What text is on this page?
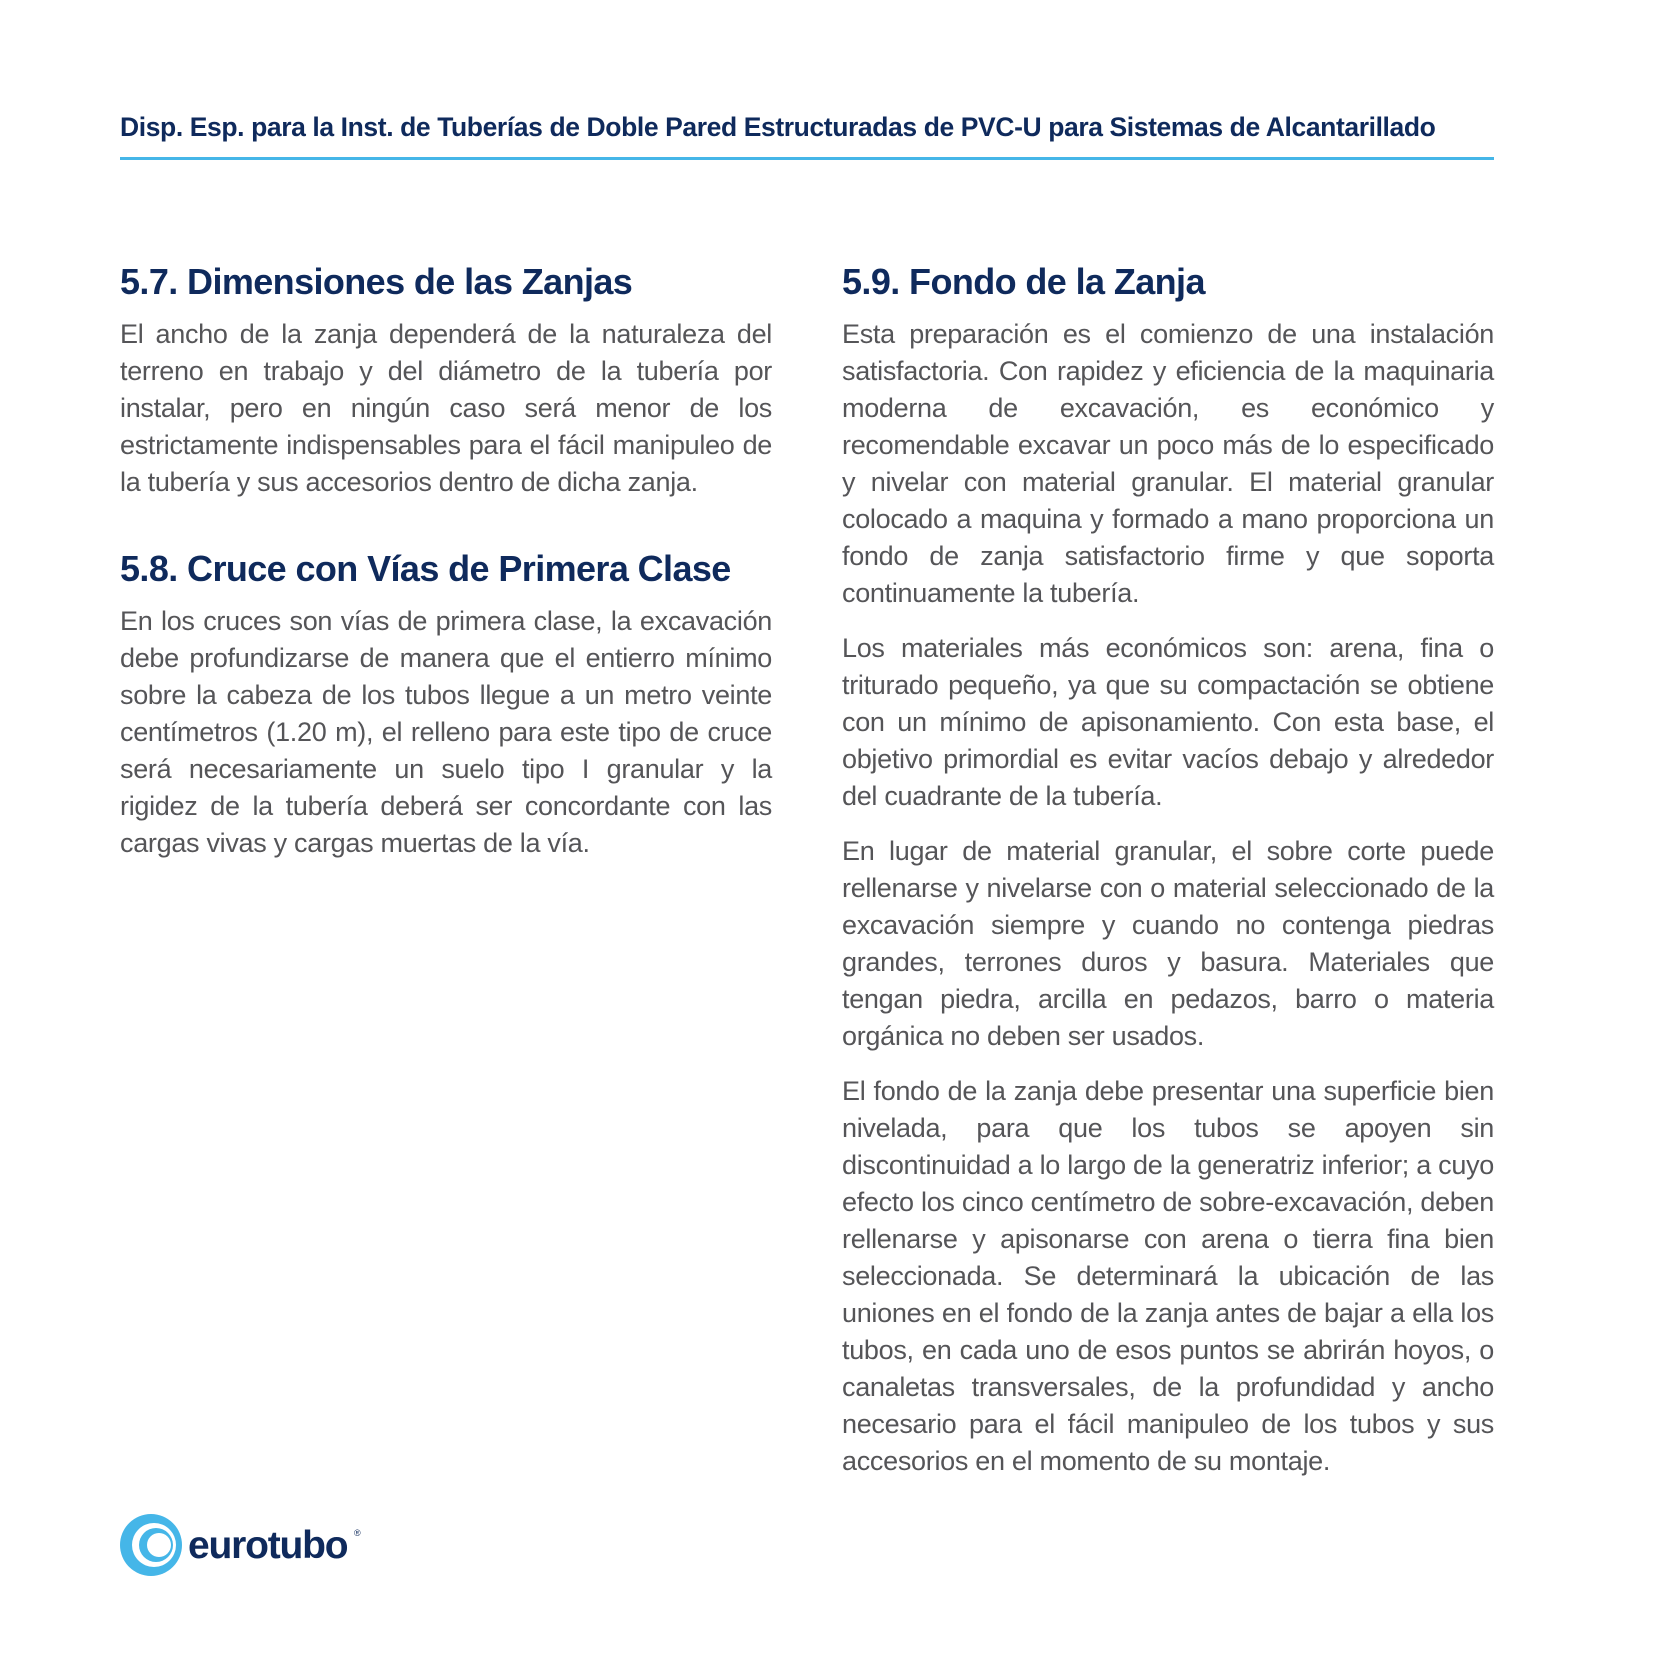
Disp. Esp. para la Inst. de Tuberías de Doble Pared Estructuradas de PVC-U para Sistemas de Alcantarillado
5.7. Dimensiones de las Zanjas

El ancho de la zanja dependerá de la naturaleza del terreno en trabajo y del diámetro de la tubería por instalar, pero en ningún caso será menor de los estrictamente indispensables para el fácil manipuleo de la tubería y sus accesorios dentro de dicha zanja.

5.8. Cruce con Vías de Primera Clase

En los cruces son vías de primera clase, la excavación debe profundizarse de manera que el entierro mínimo sobre la cabeza de los tubos llegue a un metro veinte centímetros (1.20 m), el relleno para este tipo de cruce será necesariamente un suelo tipo I granular y la rigidez de la tubería deberá ser concordante con las cargas vivas y cargas muertas de la vía.

5.9. Fondo de la Zanja

Esta preparación es el comienzo de una instalación satisfactoria. Con rapidez y eficiencia de la maquinaria moderna de excavación, es económico y recomendable excavar un poco más de lo especificado y nivelar con material granular. El material granular colocado a maquina y formado a mano proporciona un fondo de zanja satisfactorio firme y que soporta continuamente la tubería.

Los materiales más económicos son: arena, fina o triturado pequeño, ya que su compactación se obtiene con un mínimo de apisonamiento. Con esta base, el objetivo primordial es evitar vacíos debajo y alrededor del cuadrante de la tubería.

En lugar de material granular, el sobre corte puede rellenarse y nivelarse con o material seleccionado de la excavación siempre y cuando no contenga piedras grandes, terrones duros y basura. Materiales que tengan piedra, arcilla en pedazos, barro o materia orgánica no deben ser usados.

El fondo de la zanja debe presentar una superficie bien nivelada, para que los tubos se apoyen sin discontinuidad a lo largo de la generatriz inferior; a cuyo efecto los cinco centímetro de sobre-excavación, deben rellenarse y apisonarse con arena o tierra fina bien seleccionada. Se determinará la ubicación de las uniones en el fondo de la zanja antes de bajar a ella los tubos, en cada uno de esos puntos se abrirán hoyos, o canaletas transversales, de la profundidad y ancho necesario para el fácil manipuleo de los tubos y sus accesorios en el momento de su montaje.

eurotubo ®
